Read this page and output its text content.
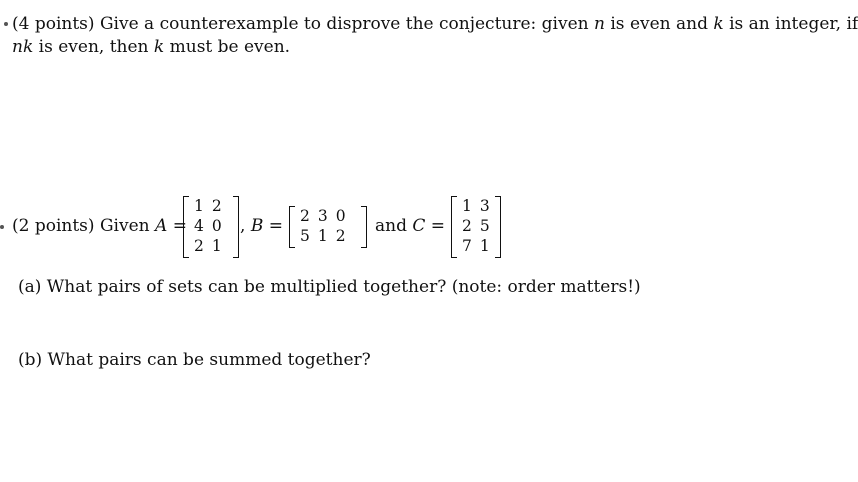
(4 points) Give a counterexample to disprove the conjecture: given n is even and k is an integer, if
nk is even, then k must be even.
(2 points) Given A =
1	2
4	0
2	1
, B = 2	3	0
5	1	2 and C =
1	3
2	5
7	1
(a) What pairs of sets can be multiplied together? (note: order matters!)
(b) What pairs can be summed together?
